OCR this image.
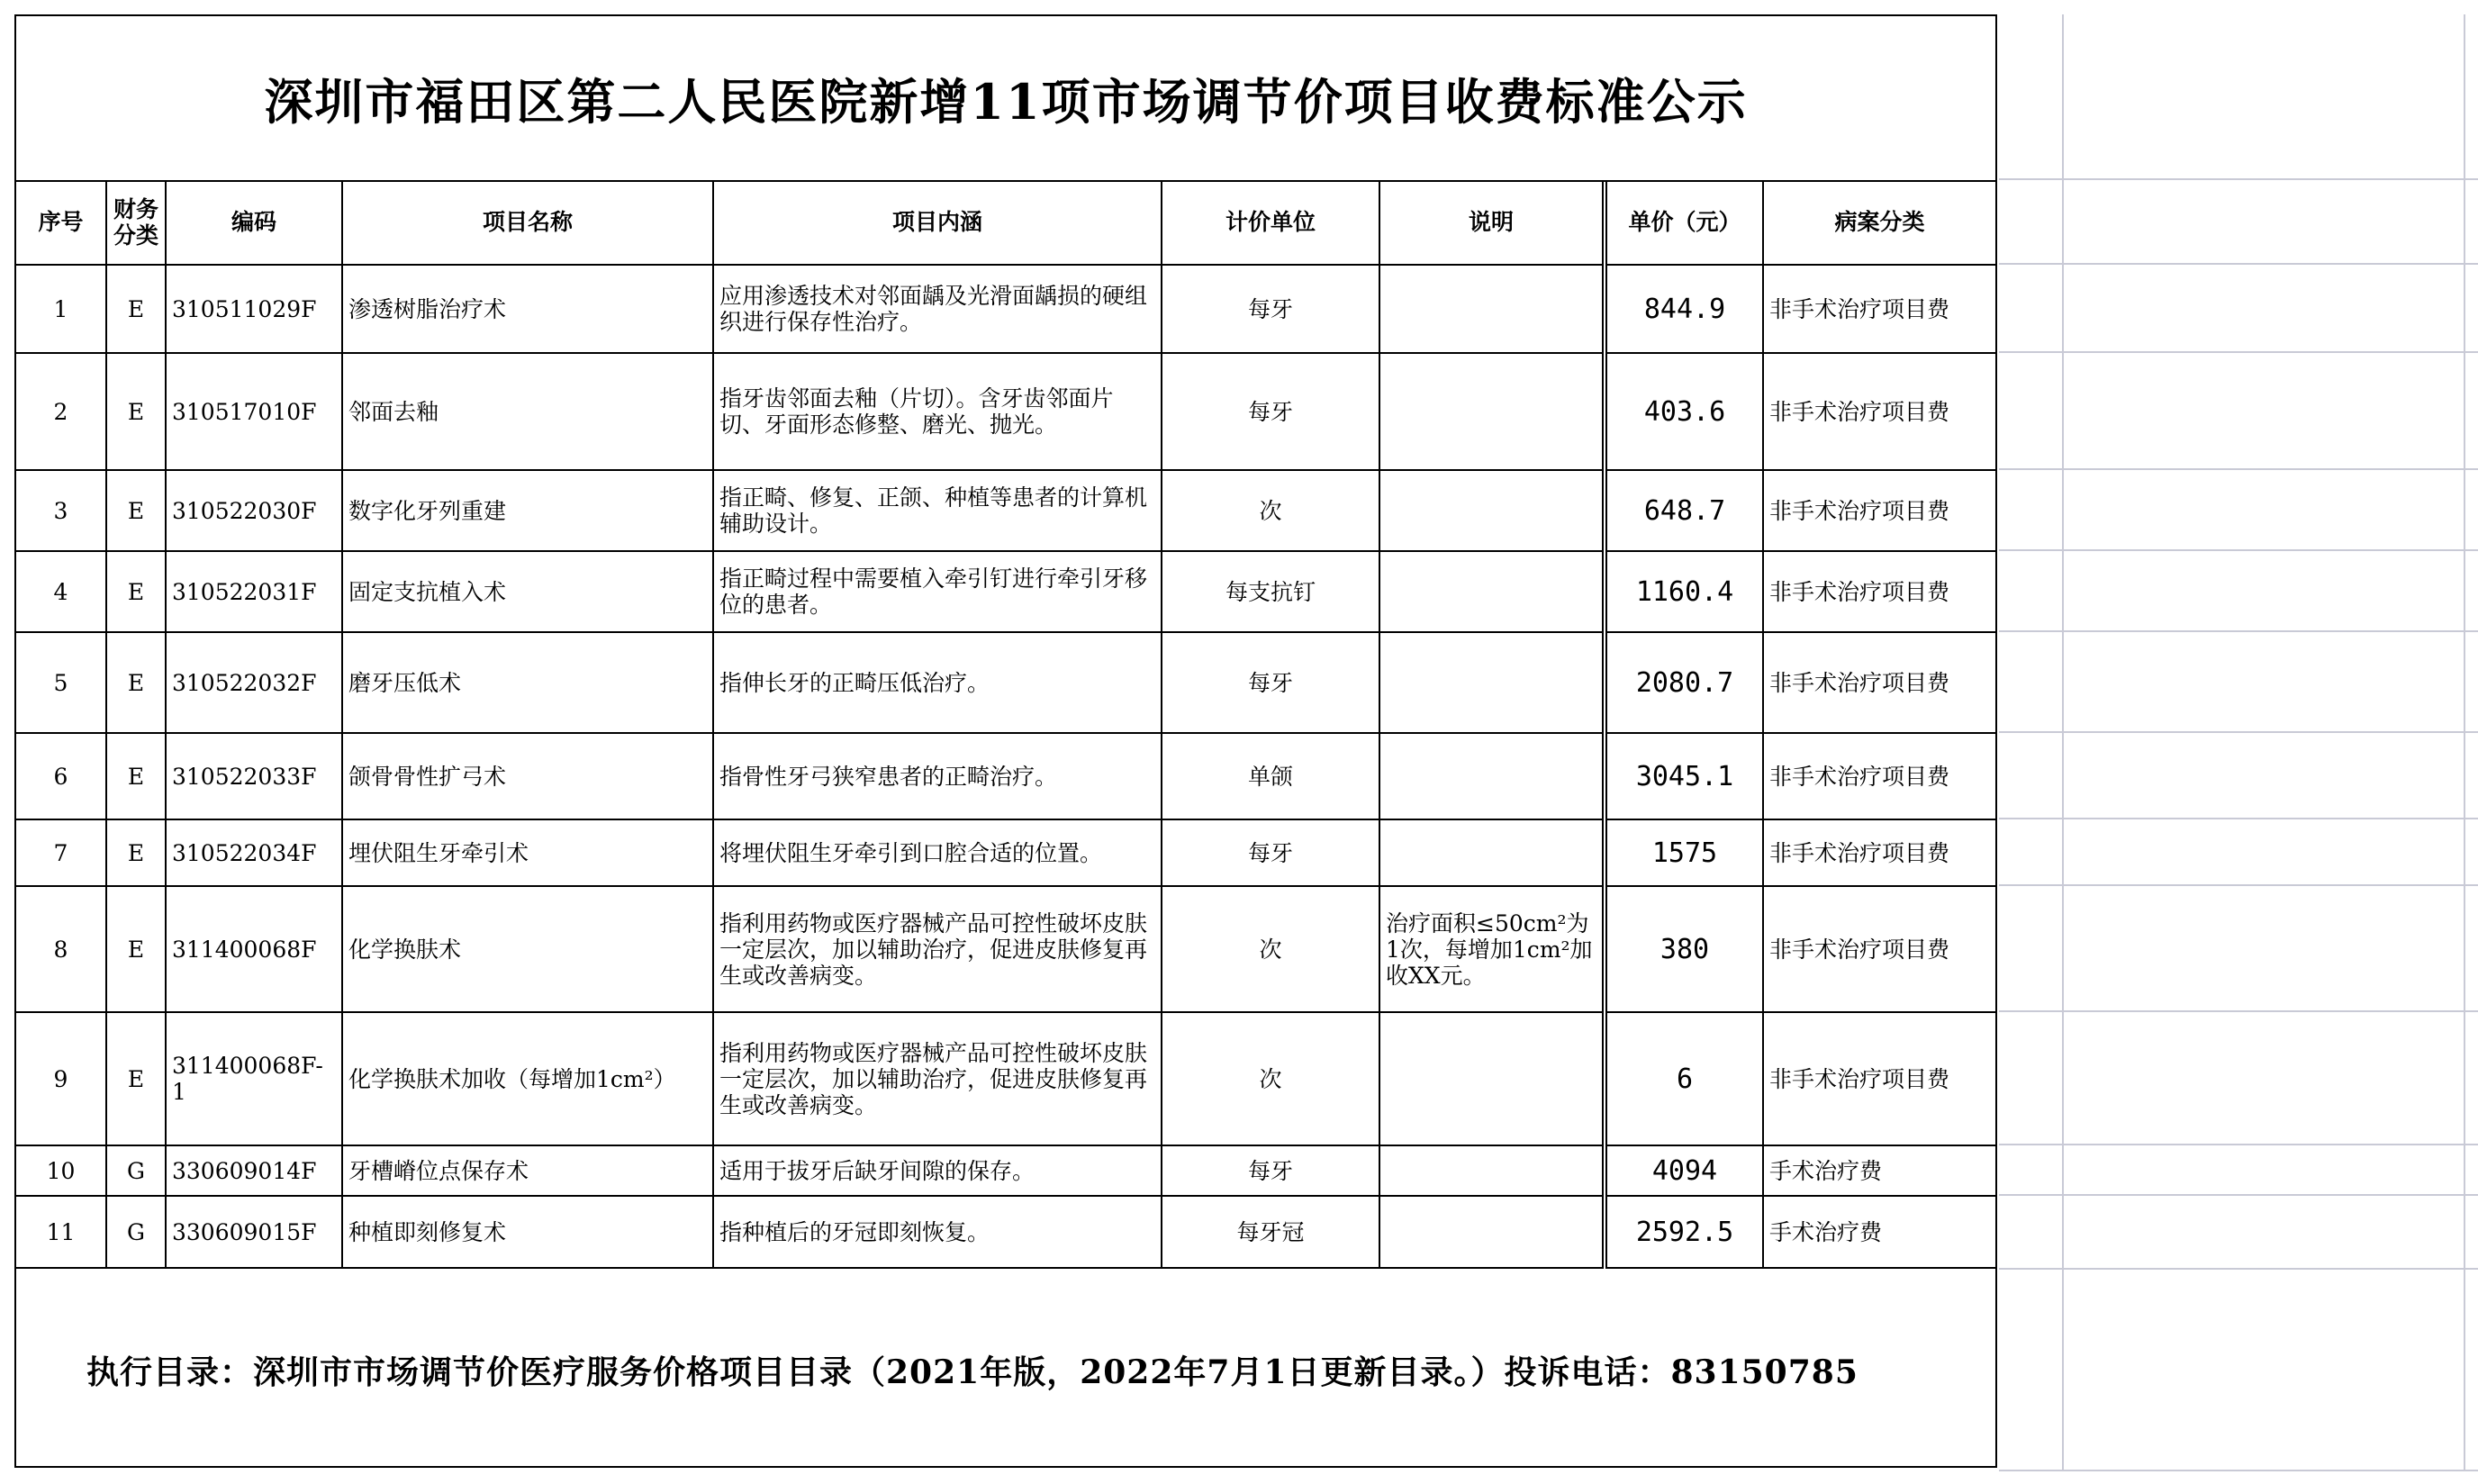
深圳市福田区第二人民医院新增11项市场调节价项目收费标准公示
序号	财务分类	编码	项目名称	项目内涵	计价单位	说明	单价（元）	病案分类
1	E	310511029F	渗透树脂治疗术	应用渗透技术对邻面龋及光滑面龋损的硬组织进行保存性治疗。	每牙		844.9	非手术治疗项目费
2	E	310517010F	邻面去釉	指牙齿邻面去釉（片切）。含牙齿邻面片切、牙面形态修整、磨光、抛光。	每牙		403.6	非手术治疗项目费
3	E	310522030F	数字化牙列重建	指正畸、修复、正颌、种植等患者的计算机辅助设计。	次		648.7	非手术治疗项目费
4	E	310522031F	固定支抗植入术	指正畸过程中需要植入牵引钉进行牵引牙移位的患者。	每支抗钉		1160.4	非手术治疗项目费
5	E	310522032F	磨牙压低术	指伸长牙的正畸压低治疗。	每牙		2080.7	非手术治疗项目费
6	E	310522033F	颌骨骨性扩弓术	指骨性牙弓狭窄患者的正畸治疗。	单颌		3045.1	非手术治疗项目费
7	E	310522034F	埋伏阻生牙牵引术	将埋伏阻生牙牵引到口腔合适的位置。	每牙		1575	非手术治疗项目费
8	E	311400068F	化学换肤术	指利用药物或医疗器械产品可控性破坏皮肤一定层次，加以辅助治疗，促进皮肤修复再生或改善病变。	次	治疗面积≤50cm²为1次，每增加1cm²加收XX元。	380	非手术治疗项目费
9	E	311400068F-1	化学换肤术加收（每增加1cm²）	指利用药物或医疗器械产品可控性破坏皮肤一定层次，加以辅助治疗，促进皮肤修复再生或改善病变。	次		6	非手术治疗项目费
10	G	330609014F	牙槽嵴位点保存术	适用于拔牙后缺牙间隙的保存。	每牙		4094	手术治疗费
11	G	330609015F	种植即刻修复术	指种植后的牙冠即刻恢复。	每牙冠		2592.5	手术治疗费
执行目录：深圳市市场调节价医疗服务价格项目目录（2021年版，2022年7月1日更新目录。）投诉电话：83150785
